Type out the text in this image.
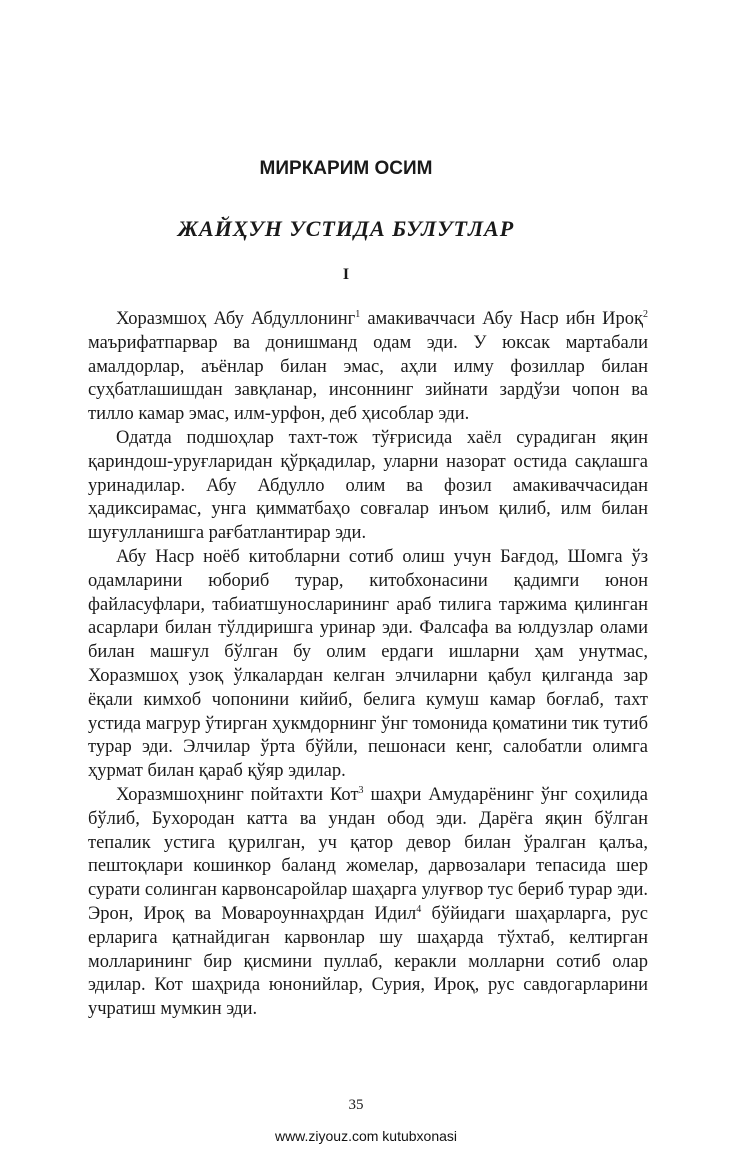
МИРКАРИМ ОСИМ
ЖАЙҲУН УСТИДА БУЛУТЛАР
I

Хоразмшоҳ Абу Абдуллонинг$^1$ амакиваччаси Абу Наср ибн Ироқ$^2$ маърифатпарвар ва донишманд одам эди. У юксак мартабали амалдорлар, аъёнлар билан эмас, аҳли илму фозиллар билан суҳбатлашишдан завқланар, инсоннинг зийнати зардўзи чопон ва тилло камар эмас, илм-урфон, деб ҳисоблар эди.

Одатда подшоҳлар тахт-тож тўғрисида хаёл сурадиган яқин қариндош-уруғларидан қўрқадилар, уларни назорат остида сақлашга уринадилар. Абу Абдулло олим ва фозил амакиваччасидан ҳадиксирамас, унга қимматбаҳо совғалар инъом қилиб, илм билан шуғулланишга рағбатлантирар эди.

Абу Наср ноёб китобларни сотиб олиш учун Бағдод, Шомга ўз одамларини юбориб турар, китобхонасини қадимги юнон файласуфлари, табиатшуносларининг араб тилига таржима қилинган асарлари билан тўлдиришга уринар эди. Фалсафа ва юлдузлар олами билан машғул бўлган бу олим ердаги ишларни ҳам унутмас, Хоразмшоҳ узоқ ўлкалардан келган элчиларни қабул қилганда зар ёқали кимхоб чопонини кийиб, белига кумуш камар боғлаб, тахт устида магрур ўтирган ҳукмдорнинг ўнг томонида қоматини тик тутиб турар эди. Элчилар ўрта бўйли, пешонаси кенг, салобатли олимга ҳурмат билан қараб қўяр эдилар.

Хоразмшоҳнинг пойтахти Кот$^3$ шаҳри Амударёнинг ўнг соҳилида бўлиб, Бухородан катта ва ундан обод эди. Дарёга яқин бўлган тепалик устига қурилган, уч қатор девор билан ўралган қалъа, пештоқлари кошинкор баланд жомелар, дарвозалари тепасида шер сурати солинган карвонсаройлар шаҳарга улуғвор тус бериб турар эди. Эрон, Ироқ ва Мовароуннаҳрдан Идил$^4$ бўйидаги шаҳарларга, рус ерларига қатнайдиган карвонлар шу шаҳарда тўхтаб, келтирган молларининг бир қисмини пуллаб, керакли молларни сотиб олар эдилар. Кот шаҳрида юнонийлар, Сурия, Ироқ, рус савдогарларини учратиш мумкин эди.

35
www.ziyouz.com kutubxonasi
